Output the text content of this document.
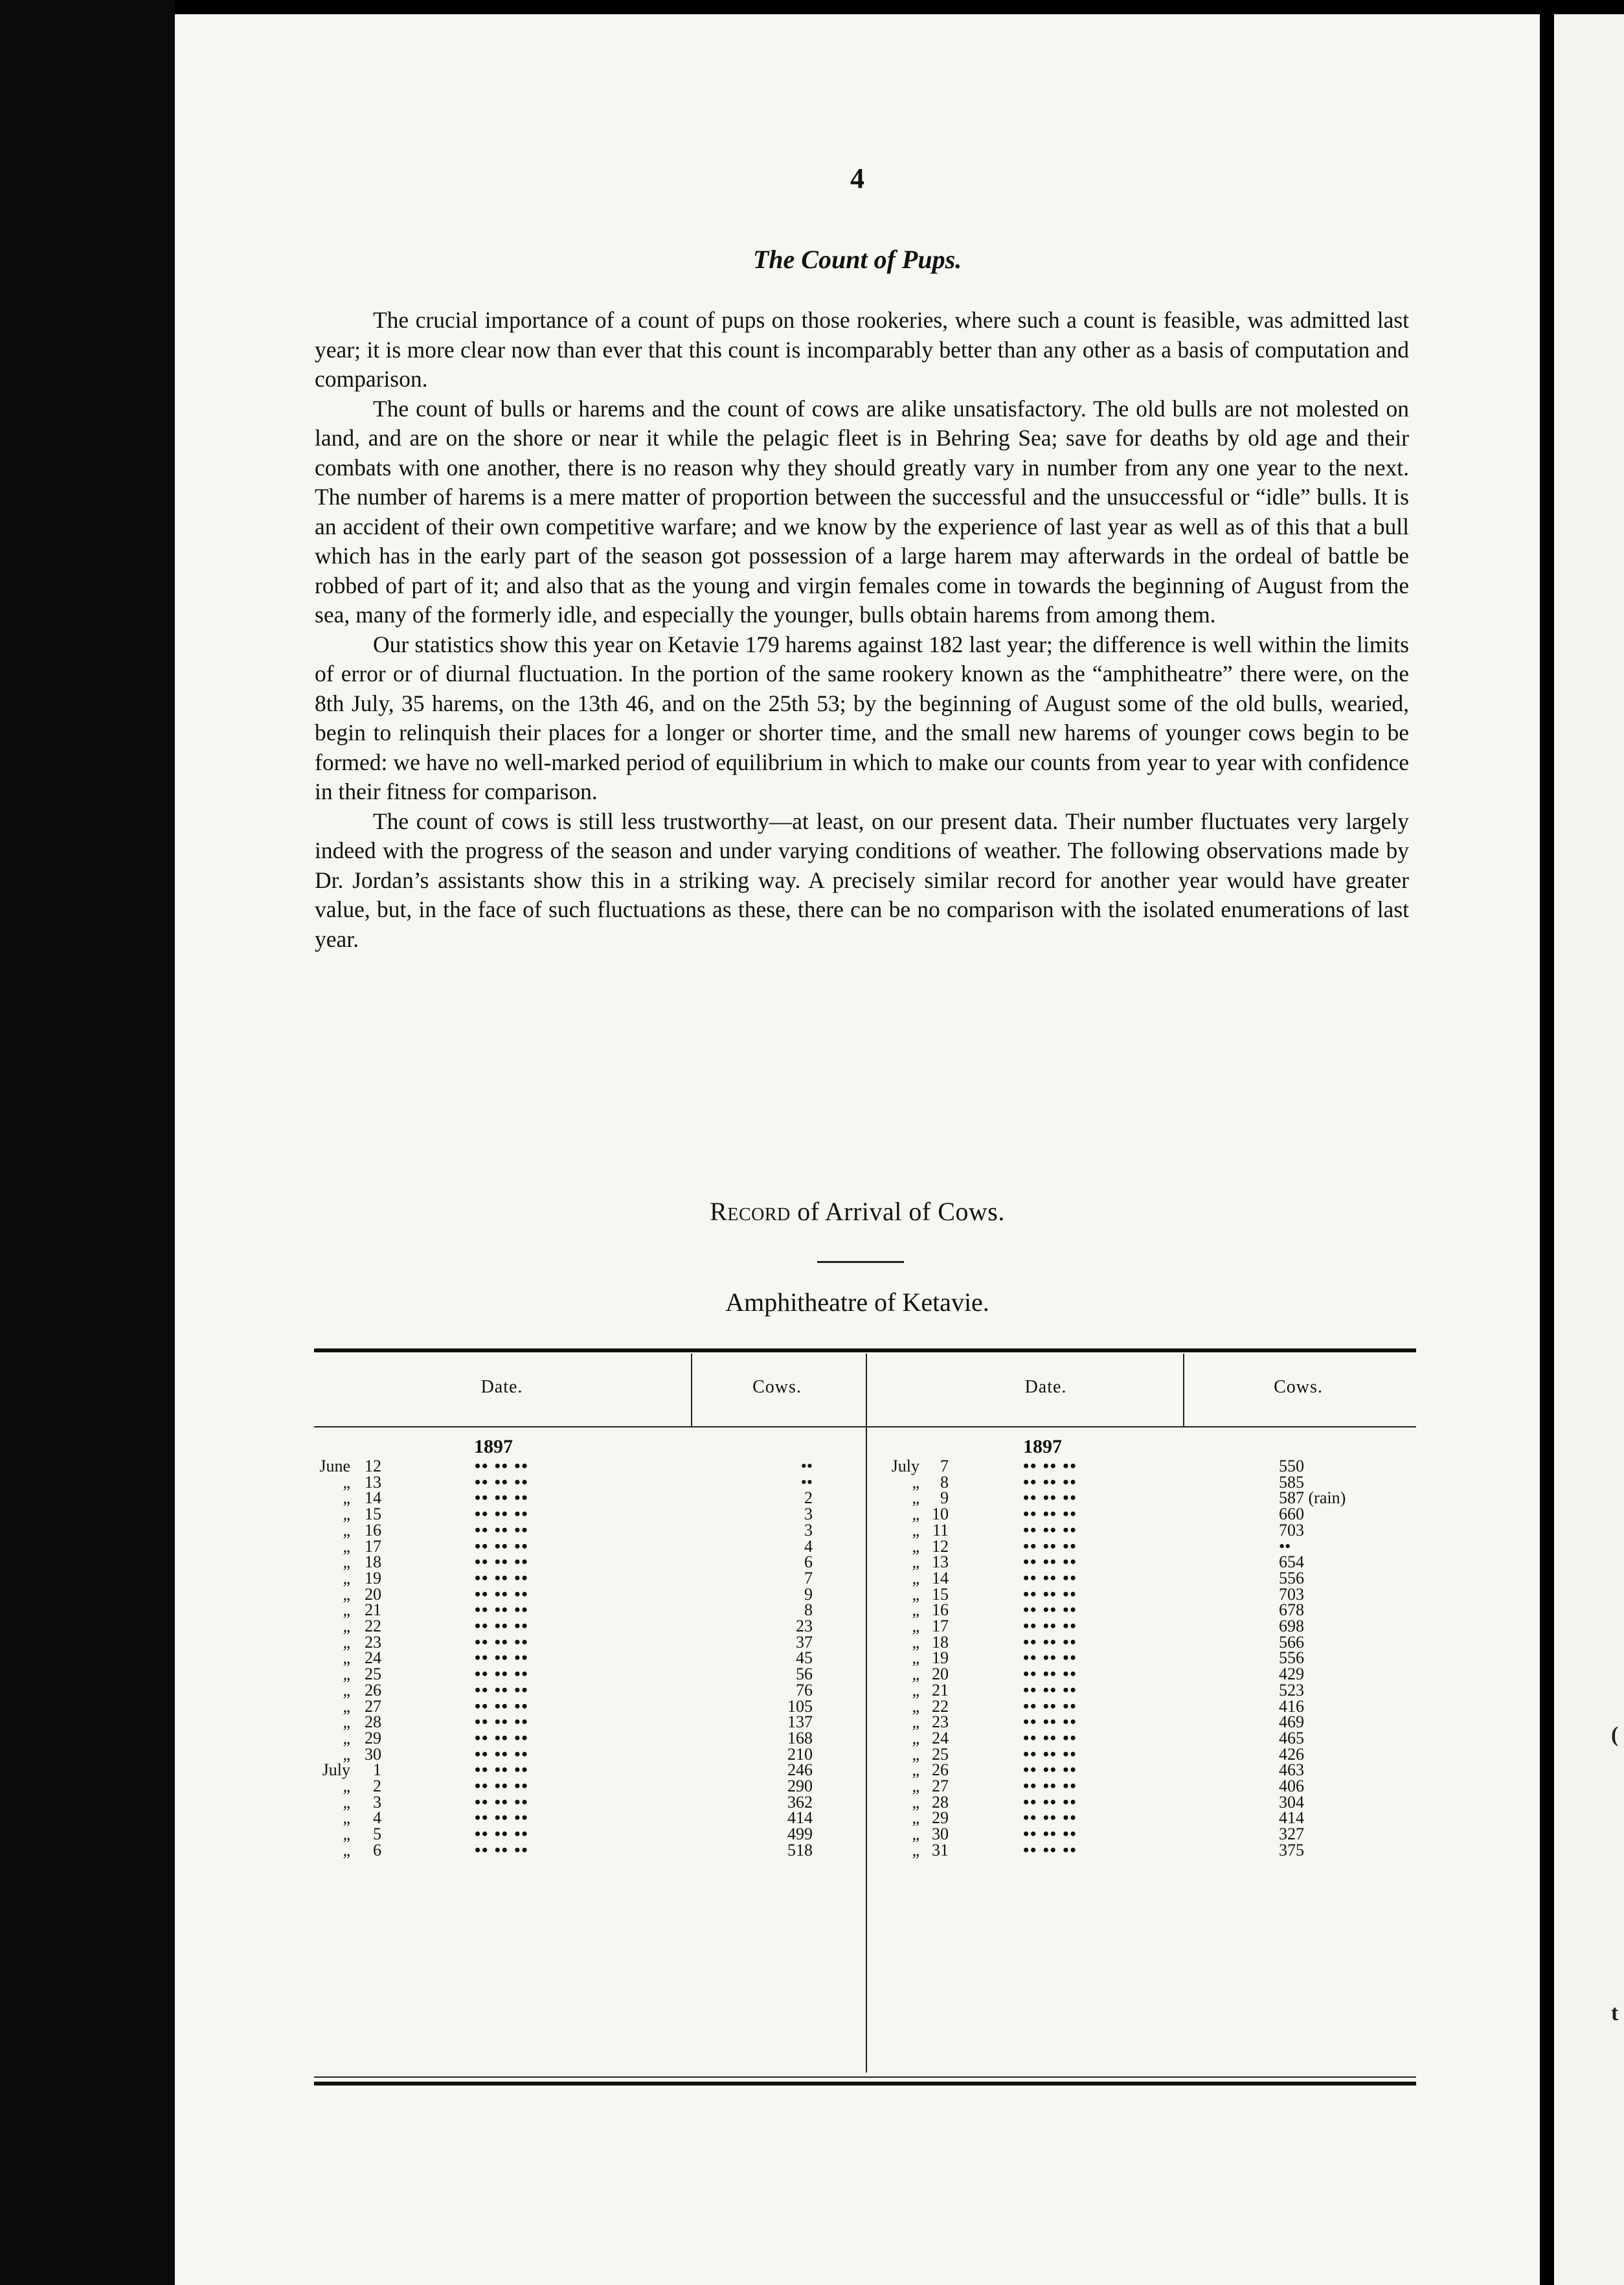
4
The Count of Pups.

The crucial importance of a count of pups on those rookeries, where such a count is feasible, was admitted last year; it is more clear now than ever that this count is incomparably better than any other as a basis of computation and comparison.

The count of bulls or harems and the count of cows are alike unsatisfactory. The old bulls are not molested on land, and are on the shore or near it while the pelagic fleet is in Behring Sea; save for deaths by old age and their combats with one another, there is no reason why they should greatly vary in number from any one year to the next. The number of harems is a mere matter of proportion between the successful and the unsuccessful or “idle” bulls. It is an accident of their own competitive warfare; and we know by the experience of last year as well as of this that a bull which has in the early part of the season got possession of a large harem may afterwards in the ordeal of battle be robbed of part of it; and also that as the young and virgin females come in towards the beginning of August from the sea, many of the formerly idle, and especially the younger, bulls obtain harems from among them.

Our statistics show this year on Ketavie 179 harems against 182 last year; the difference is well within the limits of error or of diurnal fluctuation. In the portion of the same rookery known as the “amphitheatre” there were, on the 8th July, 35 harems, on the 13th 46, and on the 25th 53; by the beginning of August some of the old bulls, wearied, begin to relinquish their places for a longer or shorter time, and the small new harems of younger cows begin to be formed: we have no well-marked period of equilibrium in which to make our counts from year to year with confidence in their fitness for comparison.

The count of cows is still less trustworthy—at least, on our present data. Their number fluctuates very largely indeed with the progress of the season and under varying conditions of weather. The following observations made by Dr. Jordan’s assistants show this in a striking way. A precisely similar record for another year would have greater value, but, in the face of such fluctuations as these, there can be no comparison with the isolated enumerations of last year.

Record of Arrival of Cows.
Amphitheatre of Ketavie.
Date.	Cows.	Date.	Cows.
1897	1897
June 12	•• •• ••	••	July	7	•• •• ••	550
„ 13	•• •• ••	••	„	8	•• •• ••	585
„ 14	•• •• ••	2	„	9	•• •• ••	587 (rain)
„ 15	•• •• ••	3	„ 10	•• •• ••	660
„ 16	•• •• ••	3	„ 11	•• •• ••	703
„ 17	•• •• ••	4	„ 12	•• •• ••	••
„ 18	•• •• ••	6	„ 13	•• •• ••	654
„ 19	•• •• ••	7	„ 14	•• •• ••	556
„ 20	•• •• ••	9	„ 15	•• •• ••	703
„ 21	•• •• ••	8	„ 16	•• •• ••	678
„ 22	•• •• ••	23	„ 17	•• •• ••	698
„ 23	•• •• ••	37	„ 18	•• •• ••	566
„ 24	•• •• ••	45	„ 19	•• •• ••	556
„ 25	•• •• ••	56	„ 20	•• •• ••	429
„ 26	•• •• ••	76	„ 21	•• •• ••	523
„ 27	•• •• ••	105	„ 22	•• •• ••	416
„ 28	•• •• ••	137	„ 23	•• •• ••	469
„ 29	•• •• ••	168	„ 24	•• •• ••	465
„ 30	•• •• ••	210	„ 25	•• •• ••	426
July	1	•• •• ••	246	„ 26	•• •• ••	463
„	2	•• •• ••	290	„ 27	•• •• ••	406
„	3	•• •• ••	362	„ 28	•• •• ••	304
„	4	•• •• ••	414	„ 29	•• •• ••	414
„	5	•• •• ••	499	„ 30	•• •• ••	327
„	6	•• •• ••	518	„ 31	•• •• ••	375
(
t
